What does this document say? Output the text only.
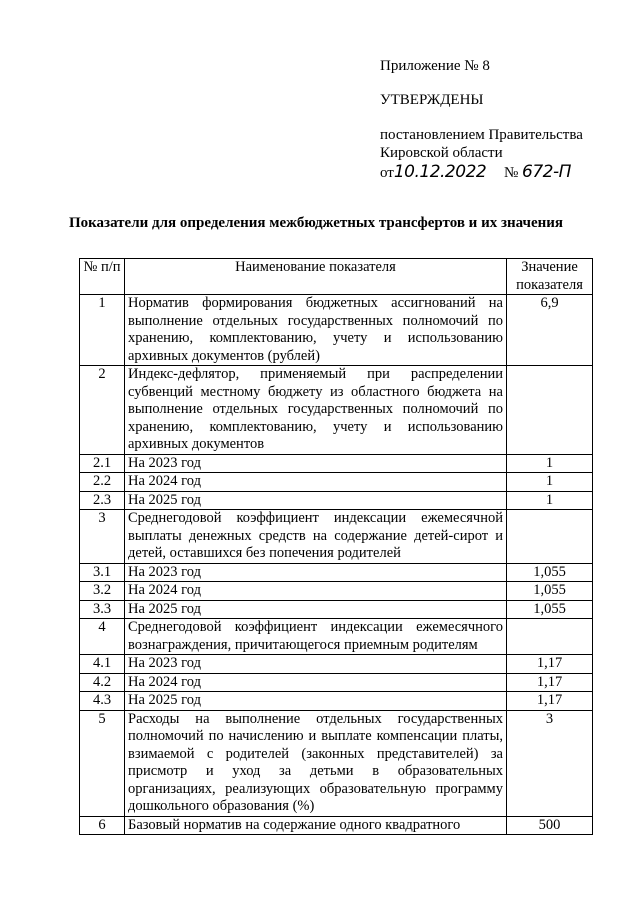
Приложение № 8
УТВЕРЖДЕНЫ
постановлением Правительства
Кировской области
от10.12.2022 № 672-П
Показатели для определения межбюджетных трансфертов и их значения
№ п/п	Наименование показателя	Значение показателя
1	Норматив формирования бюджетных ассигнований на выполнение отдельных государственных полномочий по хранению, комплектованию, учету и использованию архивных документов (рублей)	6,9
2	Индекс-дефлятор, применяемый при распределении субвенций местному бюджету из областного бюджета на выполнение отдельных государственных полномочий по хранению, комплектованию, учету и использованию архивных документов	
2.1	На 2023 год	1
2.2	На 2024 год	1
2.3	На 2025 год	1
3	Среднегодовой коэффициент индексации ежемесячной выплаты денежных средств на содержание детей-сирот и детей, оставшихся без попечения родителей	
3.1	На 2023 год	1,055
3.2	На 2024 год	1,055
3.3	На 2025 год	1,055
4	Среднегодовой коэффициент индексации ежемесячного вознаграждения, причитающегося приемным родителям	
4.1	На 2023 год	1,17
4.2	На 2024 год	1,17
4.3	На 2025 год	1,17
5	Расходы на выполнение отдельных государственных полномочий по начислению и выплате компенсации платы, взимаемой с родителей (законных представителей) за присмотр и уход за детьми в образовательных организациях, реализующих образовательную программу дошкольного образования (%)	3
6	Базовый норматив на содержание одного квадратного	500
